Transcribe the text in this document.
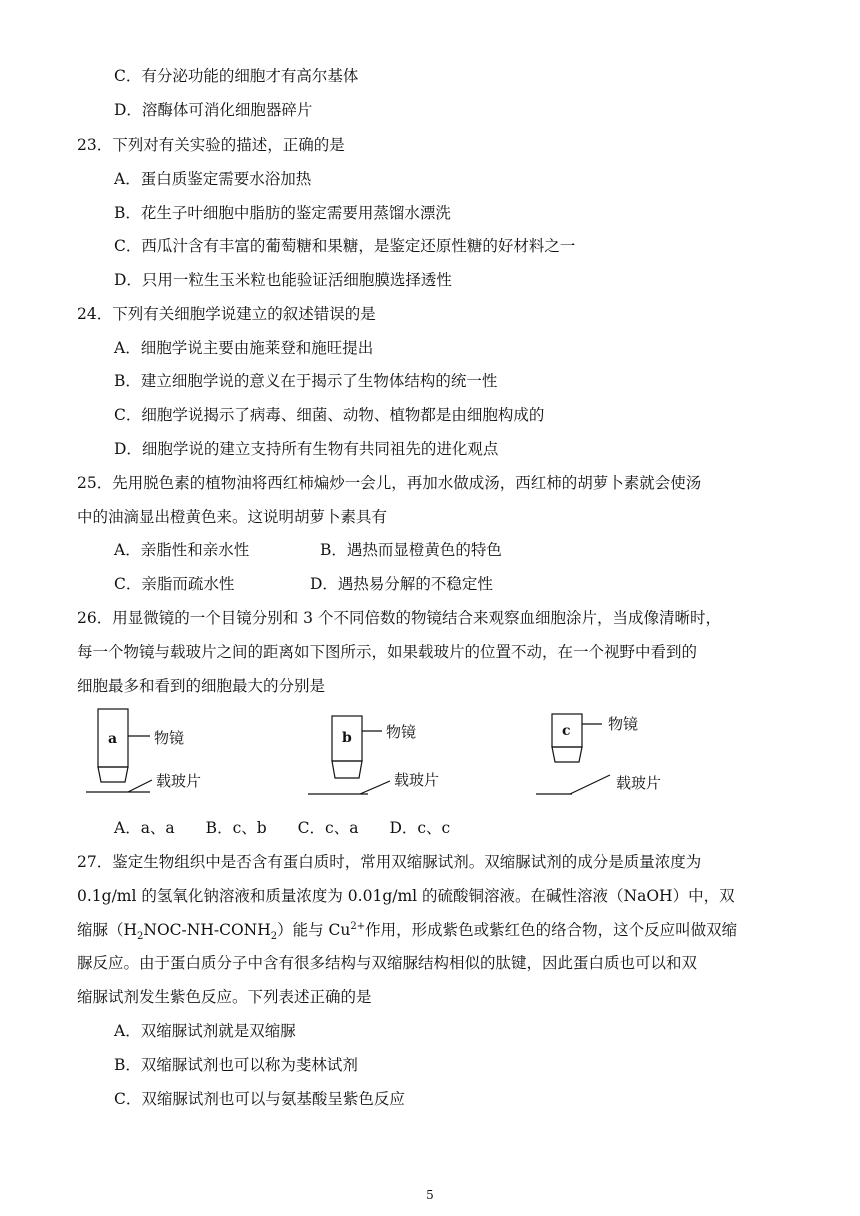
C．有分泌功能的细胞才有高尔基体
D．溶酶体可消化细胞器碎片
23．下列对有关实验的描述，正确的是
A．蛋白质鉴定需要水浴加热
B．花生子叶细胞中脂肪的鉴定需要用蒸馏水漂洗
C．西瓜汁含有丰富的葡萄糖和果糖，是鉴定还原性糖的好材料之一
D．只用一粒生玉米粒也能验证活细胞膜选择透性
24．下列有关细胞学说建立的叙述错误的是
A．细胞学说主要由施莱登和施旺提出
B．建立细胞学说的意义在于揭示了生物体结构的统一性
C．细胞学说揭示了病毒、细菌、动物、植物都是由细胞构成的
D．细胞学说的建立支持所有生物有共同祖先的进化观点
25．先用脱色素的植物油将西红柿煸炒一会儿，再加水做成汤，西红柿的胡萝卜素就会使汤
中的油滴显出橙黄色来。这说明胡萝卜素具有
A．亲脂性和亲水性	B．遇热而显橙黄色的特色
C．亲脂而疏水性	D．遇热易分解的不稳定性
26．用显微镜的一个目镜分别和 3 个不同倍数的物镜结合来观察血细胞涂片，当成像清晰时，
每一个物镜与载玻片之间的距离如下图所示，如果载玻片的位置不动，在一个视野中看到的
细胞最多和看到的细胞最大的分别是
a 物镜
载玻片
b 物镜
载玻片
c 物镜
载玻片
A．a、a　　B．c、b　　C．c、a　　D．c、c
27．鉴定生物组织中是否含有蛋白质时，常用双缩脲试剂。双缩脲试剂的成分是质量浓度为
0.1g/ml 的氢氧化钠溶液和质量浓度为 0.01g/ml 的硫酸铜溶液。在碱性溶液（NaOH）中，双
缩脲$(H_2NOC-NH-CONH_2)$能与 $Cu^{2+}$作用，形成紫色或紫红色的络合物，这个反应叫做双缩
脲反应。由于蛋白质分子中含有很多结构与双缩脲结构相似的肽键，因此蛋白质也可以和双
缩脲试剂发生紫色反应。下列表述正确的是
A．双缩脲试剂就是双缩脲
B．双缩脲试剂也可以称为斐林试剂
C．双缩脲试剂也可以与氨基酸呈紫色反应
5
